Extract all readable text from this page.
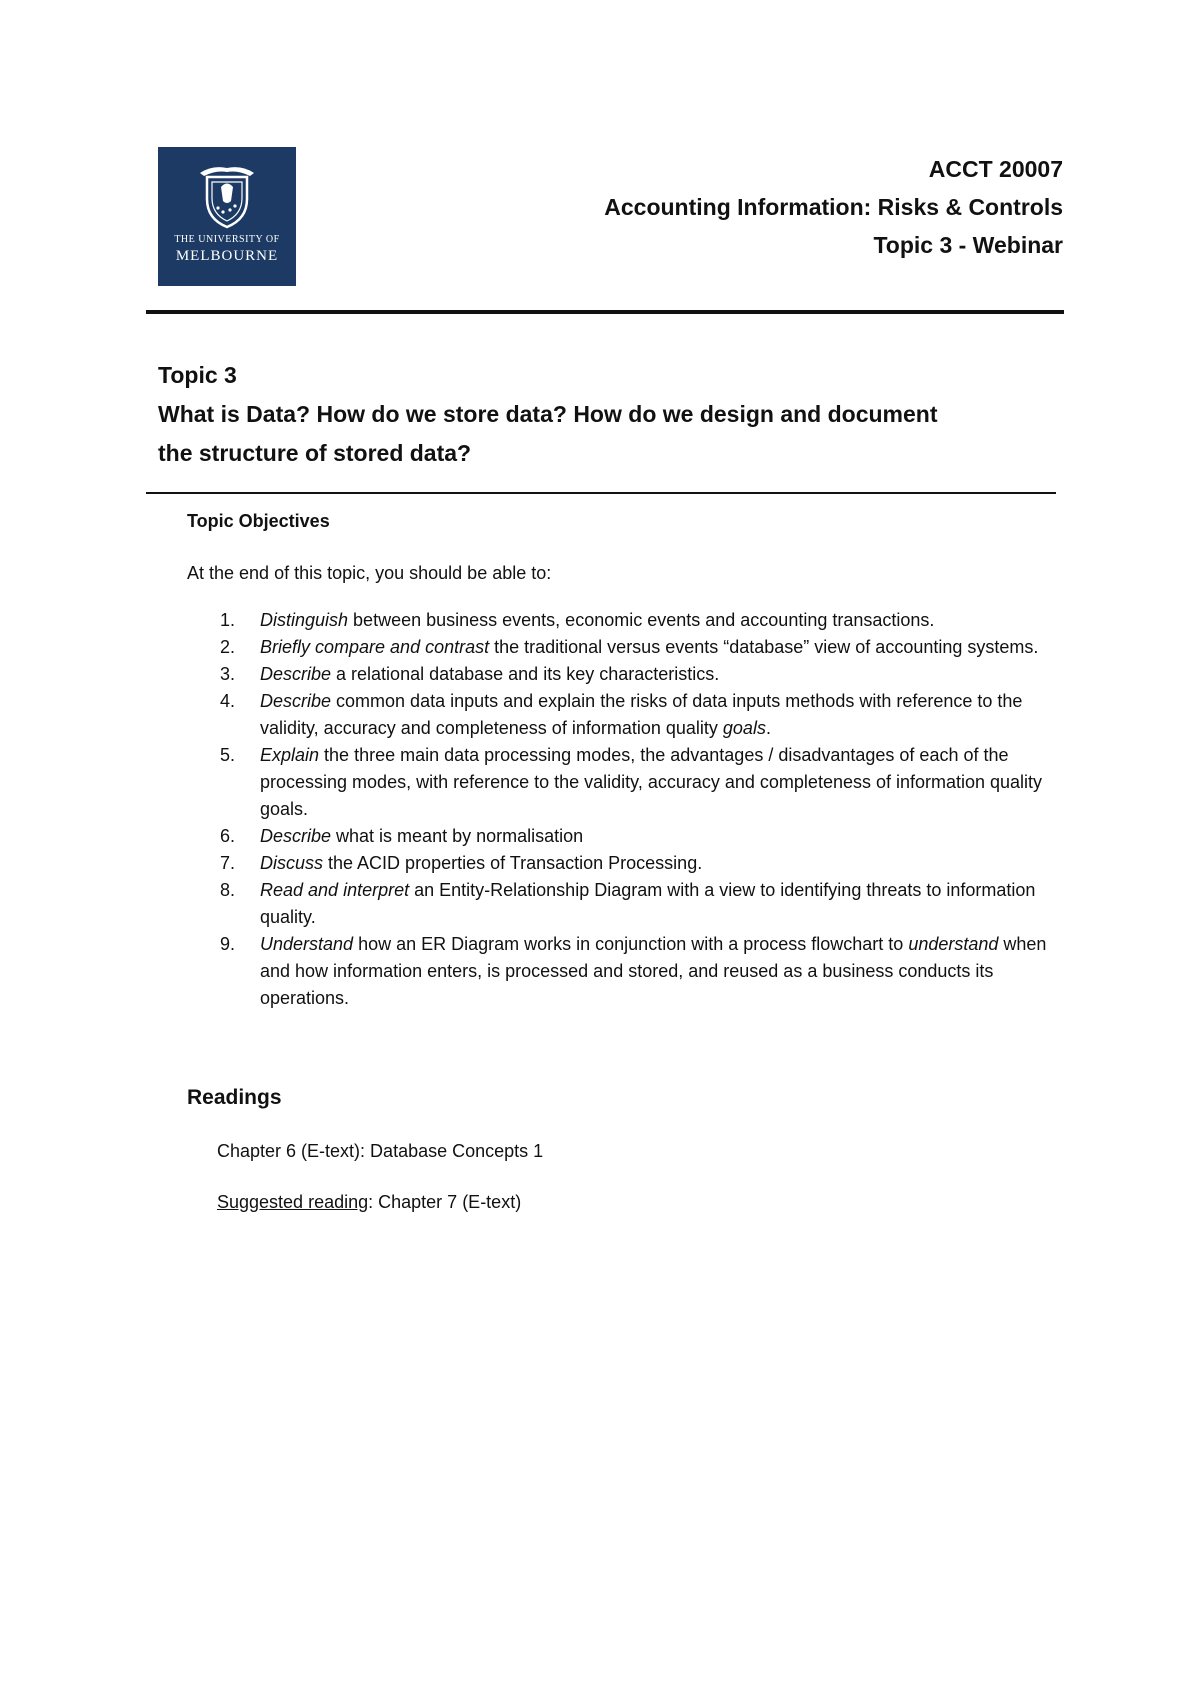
THE UNIVERSITY OF
MELBOURNE
ACCT 20007
Accounting Information: Risks & Controls
Topic 3 - Webinar
Topic 3
What is Data? How do we store data? How do we design and document
the structure of stored data?
Topic Objectives
At the end of this topic, you should be able to:
1. Distinguish between business events, economic events and accounting transactions.
2. Briefly compare and contrast the traditional versus events “database” view of accounting systems.
3. Describe a relational database and its key characteristics.
4. Describe common data inputs and explain the risks of data inputs methods with reference to the validity, accuracy and completeness of information quality goals.
5. Explain the three main data processing modes, the advantages / disadvantages of each of the processing modes, with reference to the validity, accuracy and completeness of information quality goals.
6. Describe what is meant by normalisation
7. Discuss the ACID properties of Transaction Processing.
8. Read and interpret an Entity-Relationship Diagram with a view to identifying threats to information quality.
9. Understand how an ER Diagram works in conjunction with a process flowchart to understand when and how information enters, is processed and stored, and reused as a business conducts its operations.
Readings
Chapter 6 (E-text): Database Concepts 1
Suggested reading: Chapter 7 (E-text)
